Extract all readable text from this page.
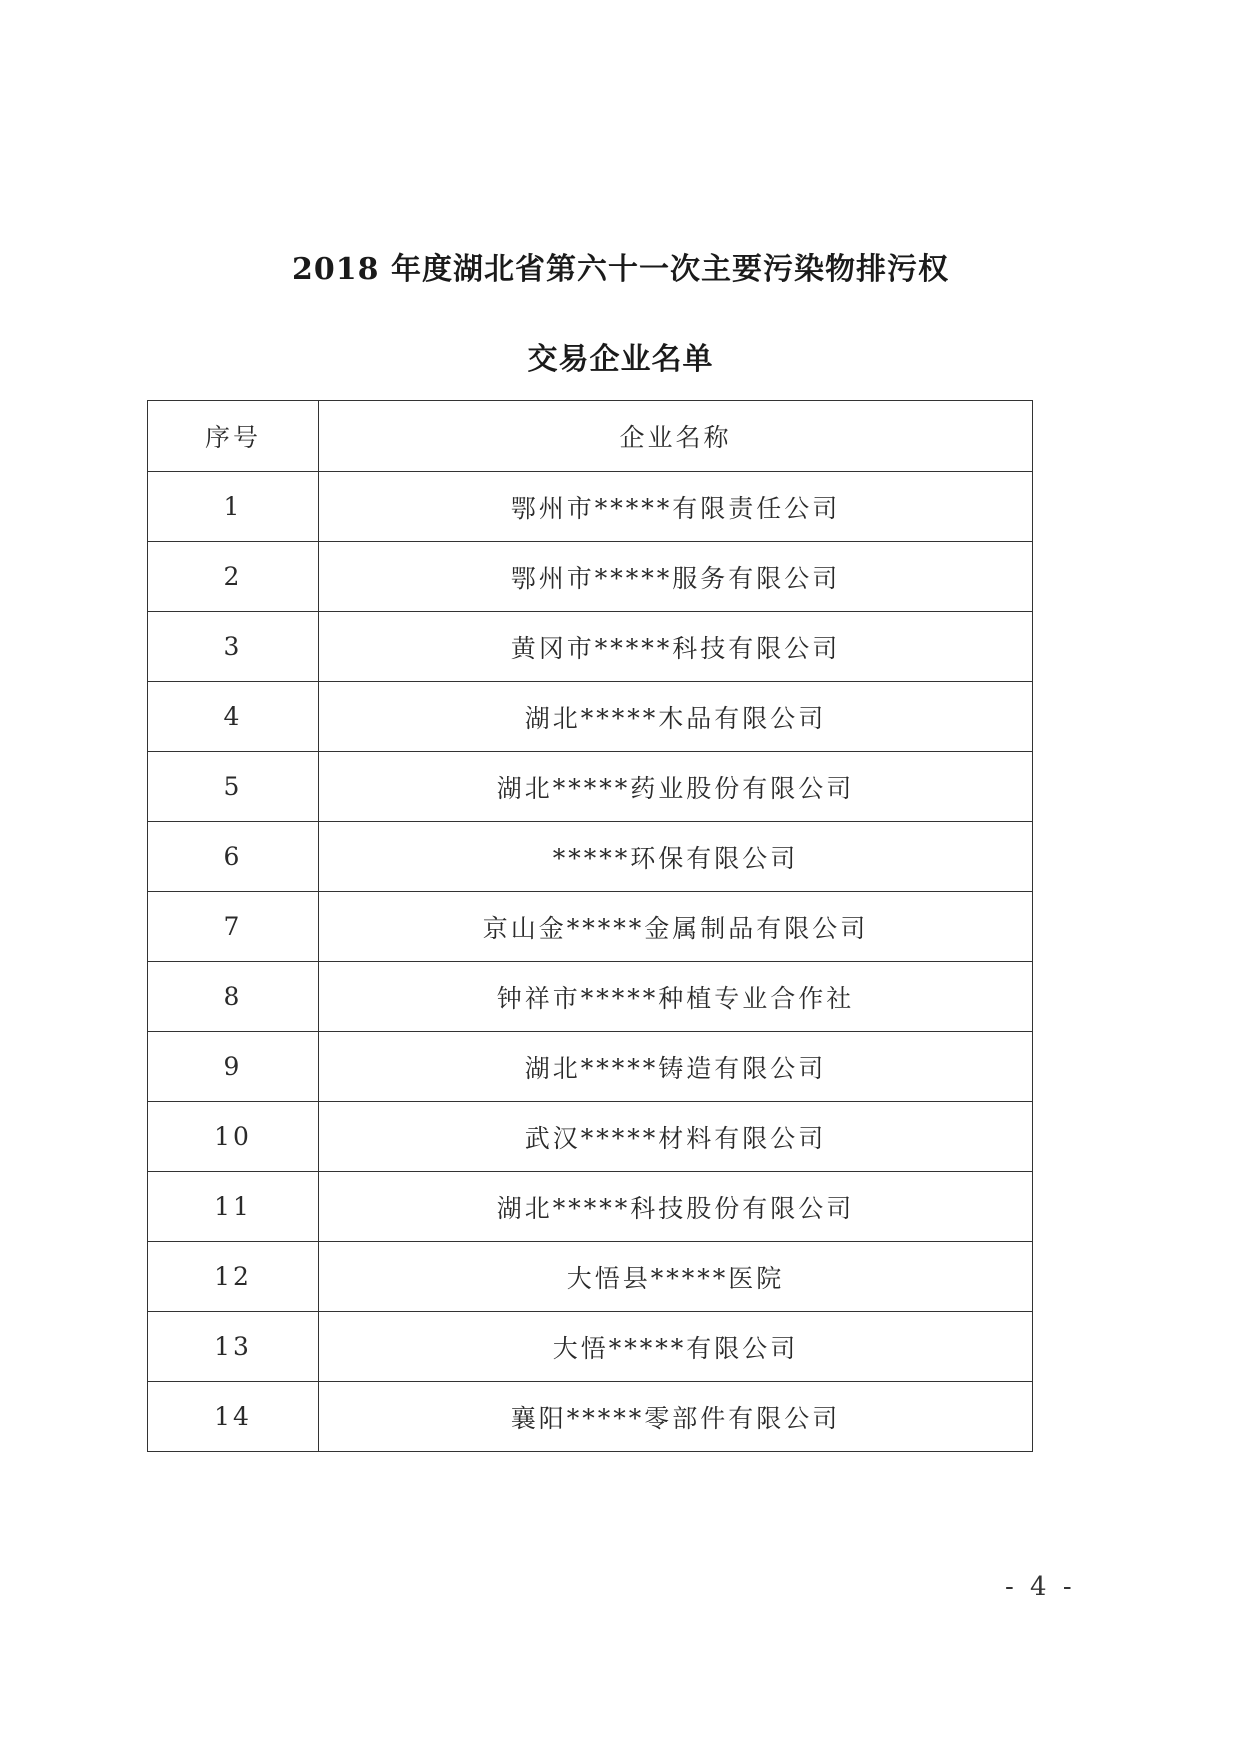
2018 年度湖北省第六十一次主要污染物排污权
交易企业名单
序号	企业名称
1	鄂州市*****有限责任公司
2	鄂州市*****服务有限公司
3	黄冈市*****科技有限公司
4	湖北*****木品有限公司
5	湖北*****药业股份有限公司
6	*****环保有限公司
7	京山金*****金属制品有限公司
8	钟祥市*****种植专业合作社
9	湖北*****铸造有限公司
10	武汉*****材料有限公司
11	湖北*****科技股份有限公司
12	大悟县*****医院
13	大悟*****有限公司
14	襄阳*****零部件有限公司
- 4 -
